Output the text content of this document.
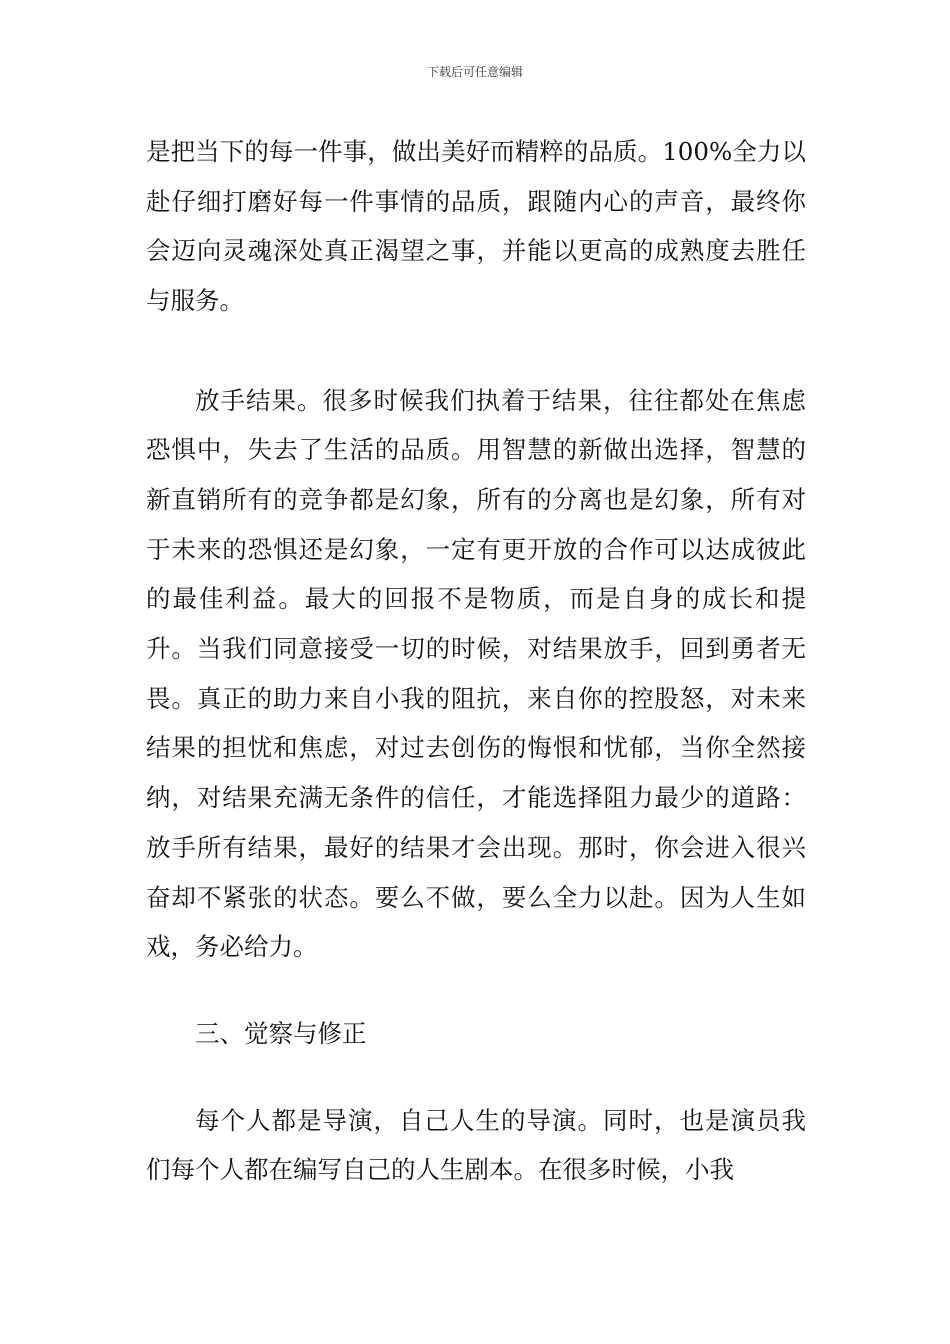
下载后可任意编辑

是把当下的每一件事，做出美好而精粹的品质。100%全力以赴仔细打磨好每一件事情的品质，跟随内心的声音，最终你会迈向灵魂深处真正渴望之事，并能以更高的成熟度去胜任与服务。

放手结果。很多时候我们执着于结果，往往都处在焦虑恐惧中，失去了生活的品质。用智慧的新做出选择，智慧的新直销所有的竞争都是幻象，所有的分离也是幻象，所有对于未来的恐惧还是幻象，一定有更开放的合作可以达成彼此的最佳利益。最大的回报不是物质，而是自身的成长和提升。当我们同意接受一切的时候，对结果放手，回到勇者无畏。真正的助力来自小我的阻抗，来自你的控股怒，对未来结果的担忧和焦虑，对过去创伤的悔恨和忧郁，当你全然接纳，对结果充满无条件的信任，才能选择阻力最少的道路：放手所有结果，最好的结果才会出现。那时，你会进入很兴奋却不紧张的状态。要么不做，要么全力以赴。因为人生如戏，务必给力。

三、觉察与修正

每个人都是导演，自己人生的导演。同时，也是演员我们每个人都在编写自己的人生剧本。在很多时候，小我
